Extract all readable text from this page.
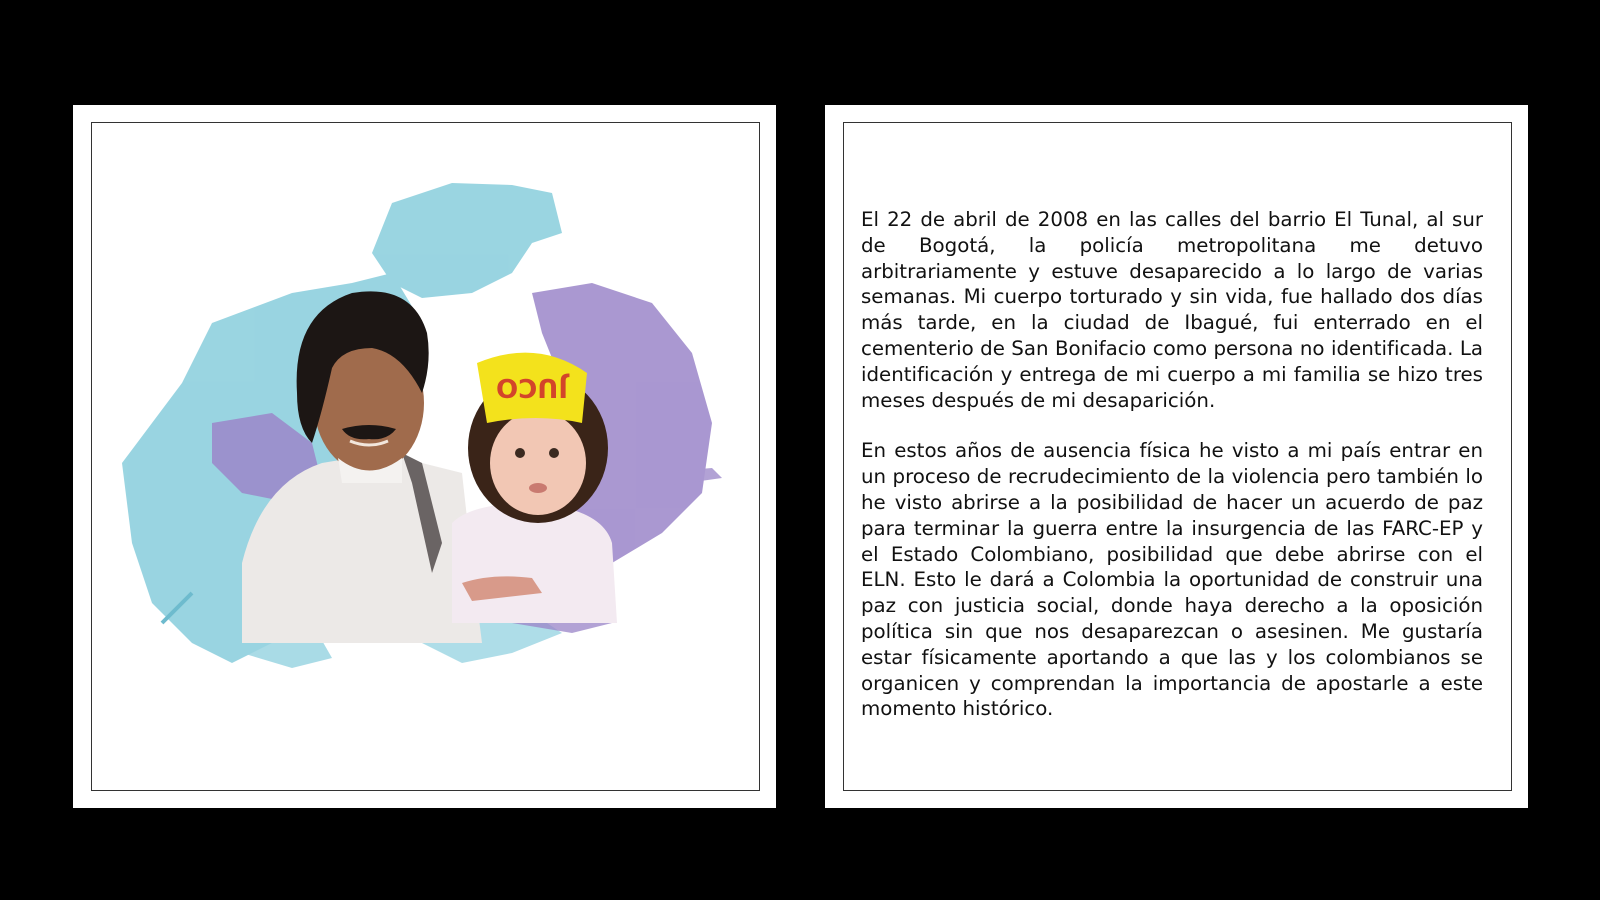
JUCO

El 22 de abril de 2008 en las calles del barrio El Tunal, al sur de Bogotá, la policía metropolitana me detuvo arbitrariamente y estuve desaparecido a lo largo de varias semanas. Mi cuerpo torturado y sin vida, fue hallado dos días más tarde, en la ciudad de Ibagué, fui enterrado en el cementerio de San Bonifacio como persona no identificada. La identificación y entrega de mi cuerpo a mi familia se hizo tres meses después de mi desaparición.

En estos años de ausencia física he visto a mi país entrar en un proceso de recrudecimiento de la violencia pero también lo he visto abrirse a la posibilidad de hacer un acuerdo de paz para terminar la guerra entre la insurgencia de las FARC-EP y el Estado Colombiano, posibilidad que debe abrirse con el ELN. Esto le dará a Colombia la oportunidad de construir una paz con justicia social, donde haya derecho a la oposición política sin que nos desaparezcan o asesinen. Me gustaría estar físicamente aportando a que las y los colombianos se organicen y comprendan la importancia de apostarle a este momento histórico.
